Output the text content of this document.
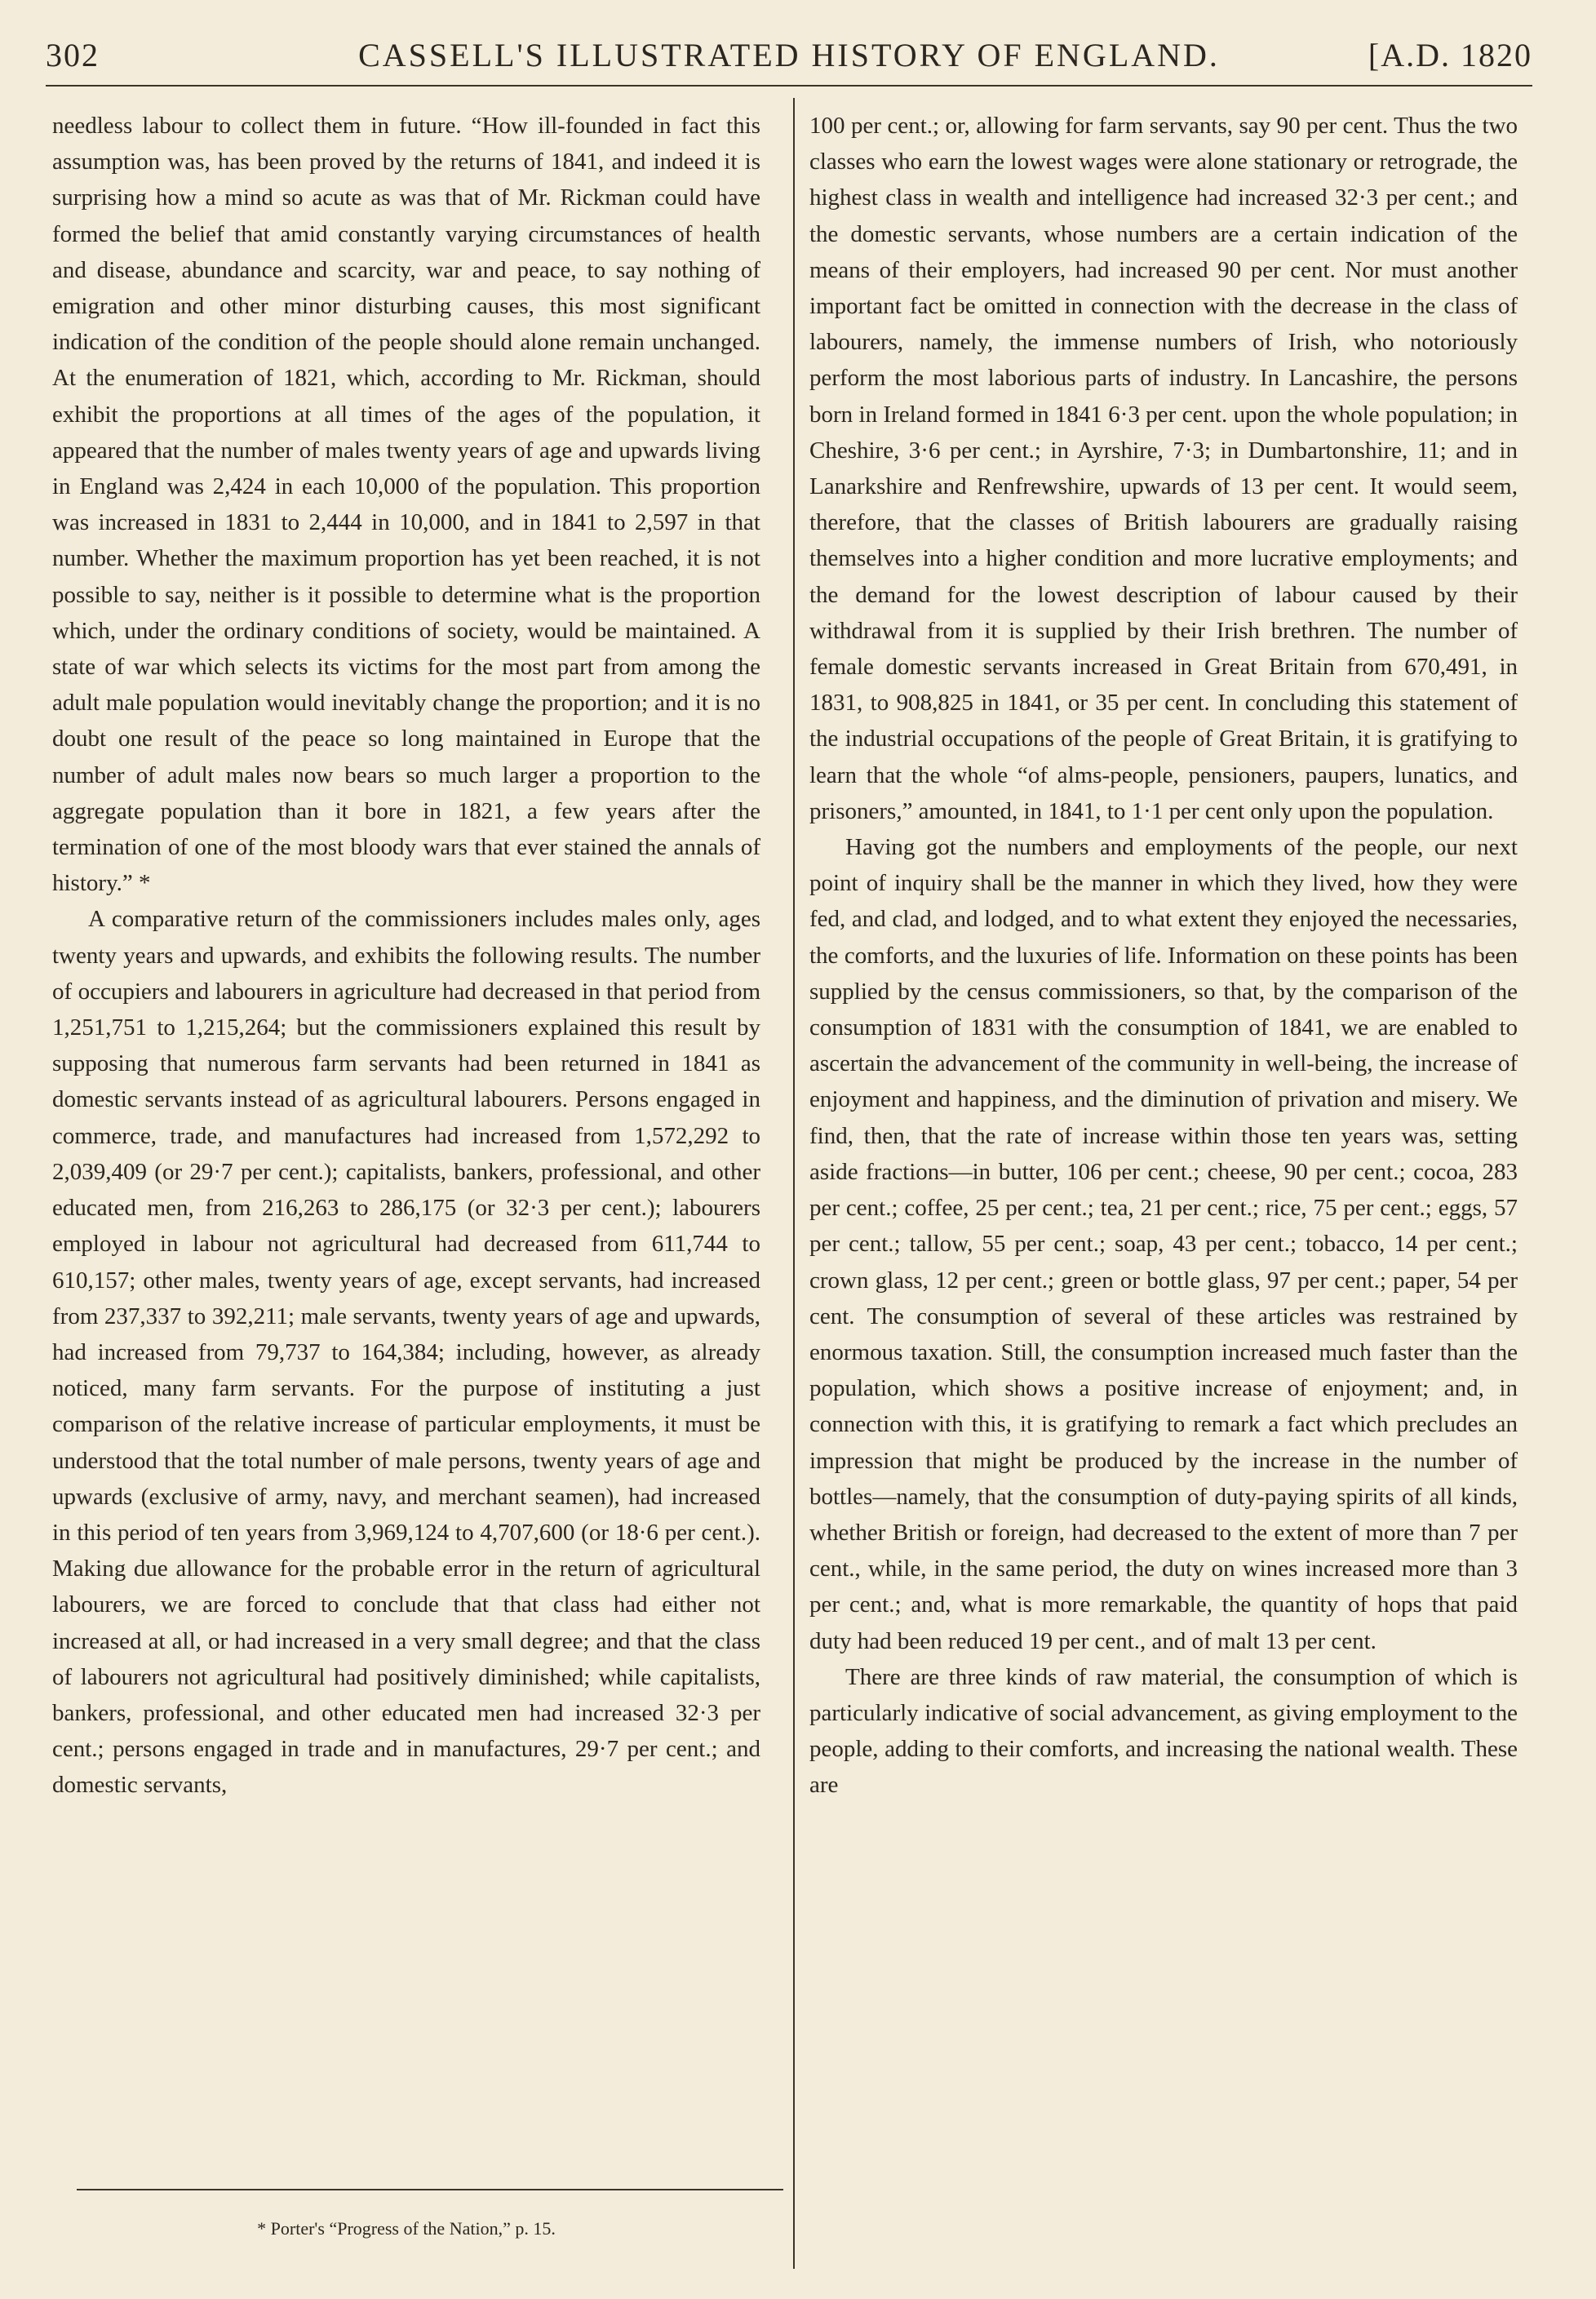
302	CASSELL'S ILLUSTRATED HISTORY OF ENGLAND.	[A.D. 1820

needless labour to collect them in future. “How ill-founded in fact this assumption was, has been proved by the returns of 1841, and indeed it is surprising how a mind so acute as was that of Mr. Rickman could have formed the belief that amid constantly varying circumstances of health and disease, abundance and scarcity, war and peace, to say nothing of emigration and other minor disturbing causes, this most significant indication of the condition of the people should alone remain unchanged. At the enumeration of 1821, which, according to Mr. Rickman, should exhibit the proportions at all times of the ages of the population, it appeared that the number of males twenty years of age and upwards living in England was 2,424 in each 10,000 of the population. This proportion was increased in 1831 to 2,444 in 10,000, and in 1841 to 2,597 in that number. Whether the maximum proportion has yet been reached, it is not possible to say, neither is it possible to determine what is the proportion which, under the ordinary conditions of society, would be maintained. A state of war which selects its victims for the most part from among the adult male population would inevitably change the proportion; and it is no doubt one result of the peace so long maintained in Europe that the number of adult males now bears so much larger a proportion to the aggregate population than it bore in 1821, a few years after the termination of one of the most bloody wars that ever stained the annals of history.” *

A comparative return of the commissioners includes males only, ages twenty years and upwards, and exhibits the following results. The number of occupiers and labourers in agriculture had decreased in that period from 1,251,751 to 1,215,264; but the commissioners explained this result by supposing that numerous farm servants had been returned in 1841 as domestic servants instead of as agricultural labourers. Persons engaged in commerce, trade, and manufactures had increased from 1,572,292 to 2,039,409 (or 29·7 per cent.); capitalists, bankers, professional, and other educated men, from 216,263 to 286,175 (or 32·3 per cent.); labourers employed in labour not agricultural had decreased from 611,744 to 610,157; other males, twenty years of age, except servants, had increased from 237,337 to 392,211; male servants, twenty years of age and upwards, had increased from 79,737 to 164,384; including, however, as already noticed, many farm servants. For the purpose of instituting a just comparison of the relative increase of particular employments, it must be understood that the total number of male persons, twenty years of age and upwards (exclusive of army, navy, and merchant seamen), had increased in this period of ten years from 3,969,124 to 4,707,600 (or 18·6 per cent.). Making due allowance for the probable error in the return of agricultural labourers, we are forced to conclude that that class had either not increased at all, or had increased in a very small degree; and that the class of labourers not agricultural had positively diminished; while capitalists, bankers, professional, and other educated men had increased 32·3 per cent.; persons engaged in trade and in manufactures, 29·7 per cent.; and domestic servants,

100 per cent.; or, allowing for farm servants, say 90 per cent. Thus the two classes who earn the lowest wages were alone stationary or retrograde, the highest class in wealth and intelligence had increased 32·3 per cent.; and the domestic servants, whose numbers are a certain indication of the means of their employers, had increased 90 per cent. Nor must another important fact be omitted in connection with the decrease in the class of labourers, namely, the immense numbers of Irish, who notoriously perform the most laborious parts of industry. In Lancashire, the persons born in Ireland formed in 1841 6·3 per cent. upon the whole population; in Cheshire, 3·6 per cent.; in Ayrshire, 7·3; in Dumbartonshire, 11; and in Lanarkshire and Renfrewshire, upwards of 13 per cent. It would seem, therefore, that the classes of British labourers are gradually raising themselves into a higher condition and more lucrative employments; and the demand for the lowest description of labour caused by their withdrawal from it is supplied by their Irish brethren. The number of female domestic servants increased in Great Britain from 670,491, in 1831, to 908,825 in 1841, or 35 per cent. In concluding this statement of the industrial occupations of the people of Great Britain, it is gratifying to learn that the whole “of alms-people, pensioners, paupers, lunatics, and prisoners,” amounted, in 1841, to 1·1 per cent only upon the population.

Having got the numbers and employments of the people, our next point of inquiry shall be the manner in which they lived, how they were fed, and clad, and lodged, and to what extent they enjoyed the necessaries, the comforts, and the luxuries of life. Information on these points has been supplied by the census commissioners, so that, by the comparison of the consumption of 1831 with the consumption of 1841, we are enabled to ascertain the advancement of the community in well-being, the increase of enjoyment and happiness, and the diminution of privation and misery. We find, then, that the rate of increase within those ten years was, setting aside fractions—in butter, 106 per cent.; cheese, 90 per cent.; cocoa, 283 per cent.; coffee, 25 per cent.; tea, 21 per cent.; rice, 75 per cent.; eggs, 57 per cent.; tallow, 55 per cent.; soap, 43 per cent.; tobacco, 14 per cent.; crown glass, 12 per cent.; green or bottle glass, 97 per cent.; paper, 54 per cent. The consumption of several of these articles was restrained by enormous taxation. Still, the consumption increased much faster than the population, which shows a positive increase of enjoyment; and, in connection with this, it is gratifying to remark a fact which precludes an impression that might be produced by the increase in the number of bottles—namely, that the consumption of duty-paying spirits of all kinds, whether British or foreign, had decreased to the extent of more than 7 per cent., while, in the same period, the duty on wines increased more than 3 per cent.; and, what is more remarkable, the quantity of hops that paid duty had been reduced 19 per cent., and of malt 13 per cent.

There are three kinds of raw material, the consumption of which is particularly indicative of social advancement, as giving employment to the people, adding to their comforts, and increasing the national wealth. These are

* Porter's “Progress of the Nation,” p. 15.
